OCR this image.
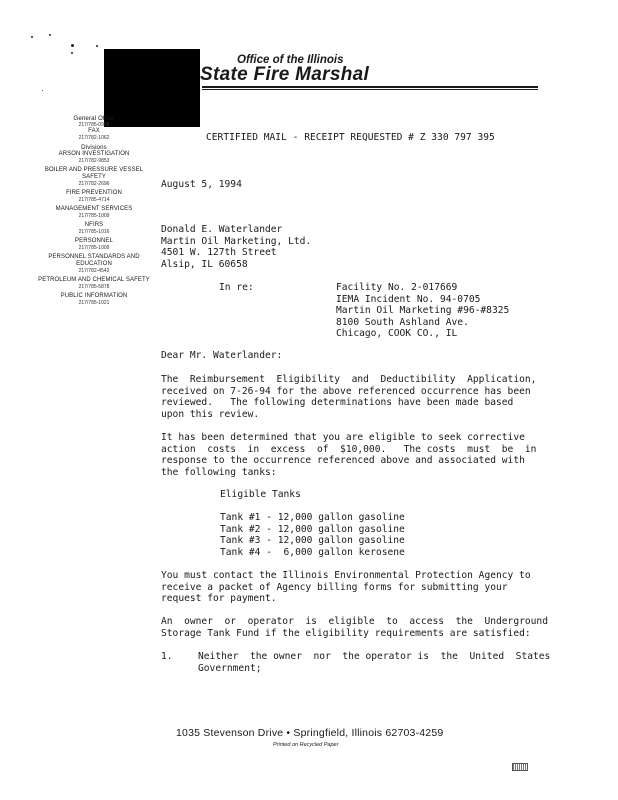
Office of the Illinois
State Fire Marshal
General Office
217/785-0969
FAX
217/782-1062
Divisions
ARSON INVESTIGATION
217/782-9853
BOILER AND PRESSURE VESSEL SAFETY
217/782-2696
FIRE PREVENTION
217/785-4714
MANAGEMENT SERVICES
217/785-1009
NFIRS
217/785-1016
PERSONNEL
217/785-1009
PERSONNEL STANDARDS AND EDUCATION
217/782-4542
PETROLEUM AND CHEMICAL SAFETY
217/785-5878
PUBLIC INFORMATION
217/785-1021
CERTIFIED MAIL - RECEIPT REQUESTED # Z 330 797 395
August 5, 1994
Donald E. Waterlander
Martin Oil Marketing, Ltd.
4501 W. 127th Street
Alsip, IL 60658
In re:	Facility No. 2-017669
IEMA Incident No. 94-0705
Martin Oil Marketing #96-#8325
8100 South Ashland Ave.
Chicago, COOK CO., IL
Dear Mr. Waterlander:
The  Reimbursement  Eligibility  and  Deductibility  Application,
received on 7-26-94 for the above referenced occurrence has been
reviewed.   The following determinations have been made based
upon this review.
It has been determined that you are eligible to seek corrective
action  costs  in  excess  of  $10,000.   The costs  must  be  in
response to the occurrence referenced above and associated with
the following tanks:
Eligible Tanks
Tank #1 - 12,000 gallon gasoline
Tank #2 - 12,000 gallon gasoline
Tank #3 - 12,000 gallon gasoline
Tank #4 -  6,000 gallon kerosene
You must contact the Illinois Environmental Protection Agency to
receive a packet of Agency billing forms for submitting your
request for payment.
An  owner  or  operator  is  eligible  to  access  the  Underground
Storage Tank Fund if the eligibility requirements are satisfied:
1.	Neither  the owner  nor  the operator is  the  United  States
Government;
1035 Stevenson Drive • Springfield, Illinois 62703-4259
Printed on Recycled Paper
